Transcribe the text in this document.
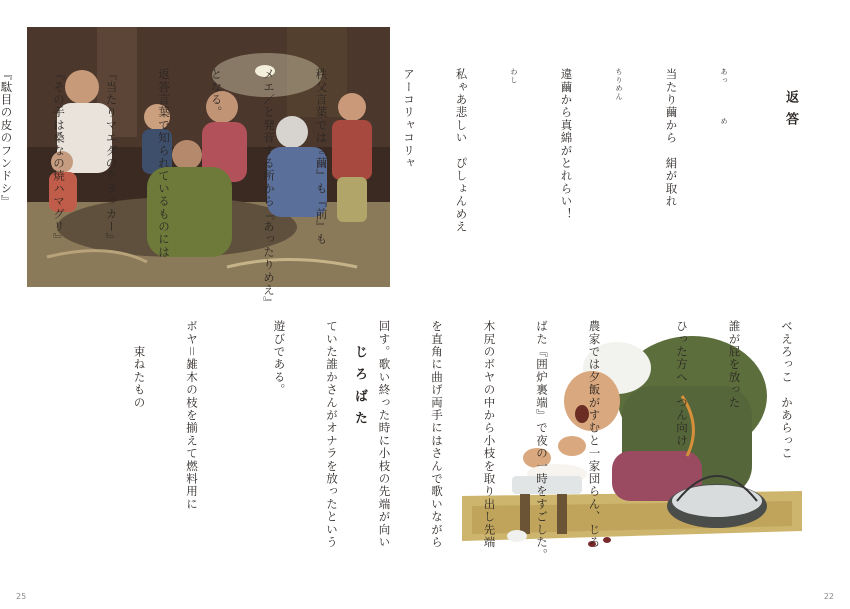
返答

あっ　　　　め

当たり繭から　絹が取れ

ちりめん

違繭から真綿がとれらい！

わし

私ゃあ悲しい　ぴしょんめえ

アーコリャコリャ

秩父言葉では『繭』も『前』も

メエ／と発音する所から『あったりめえ』

となる。

返答言葉で知られているものには

『当たりマエダのクラッカー』

『その手は桑なの焼ハマグリ』

『駄目の皮のフンドシ』

じろばた

	べえろっこ　かあらっこ

誰が屁を放った

ひった方へ　つん向け

農家では夕飯がすむと一家団らん、じろ

ばた『囲炉裏端』で夜の一時をすごした。

木尻のボヤの中から小枝を取り出し先端

を直角に曲げ両手にはさんで歌いながら

回す。歌い終った時に小枝の先端が向い

ていた誰かさんがオナラを放ったという

遊びである。

ボヤ＝雑木の枝を揃えて燃料用に

　　束ねたもの

25	22
